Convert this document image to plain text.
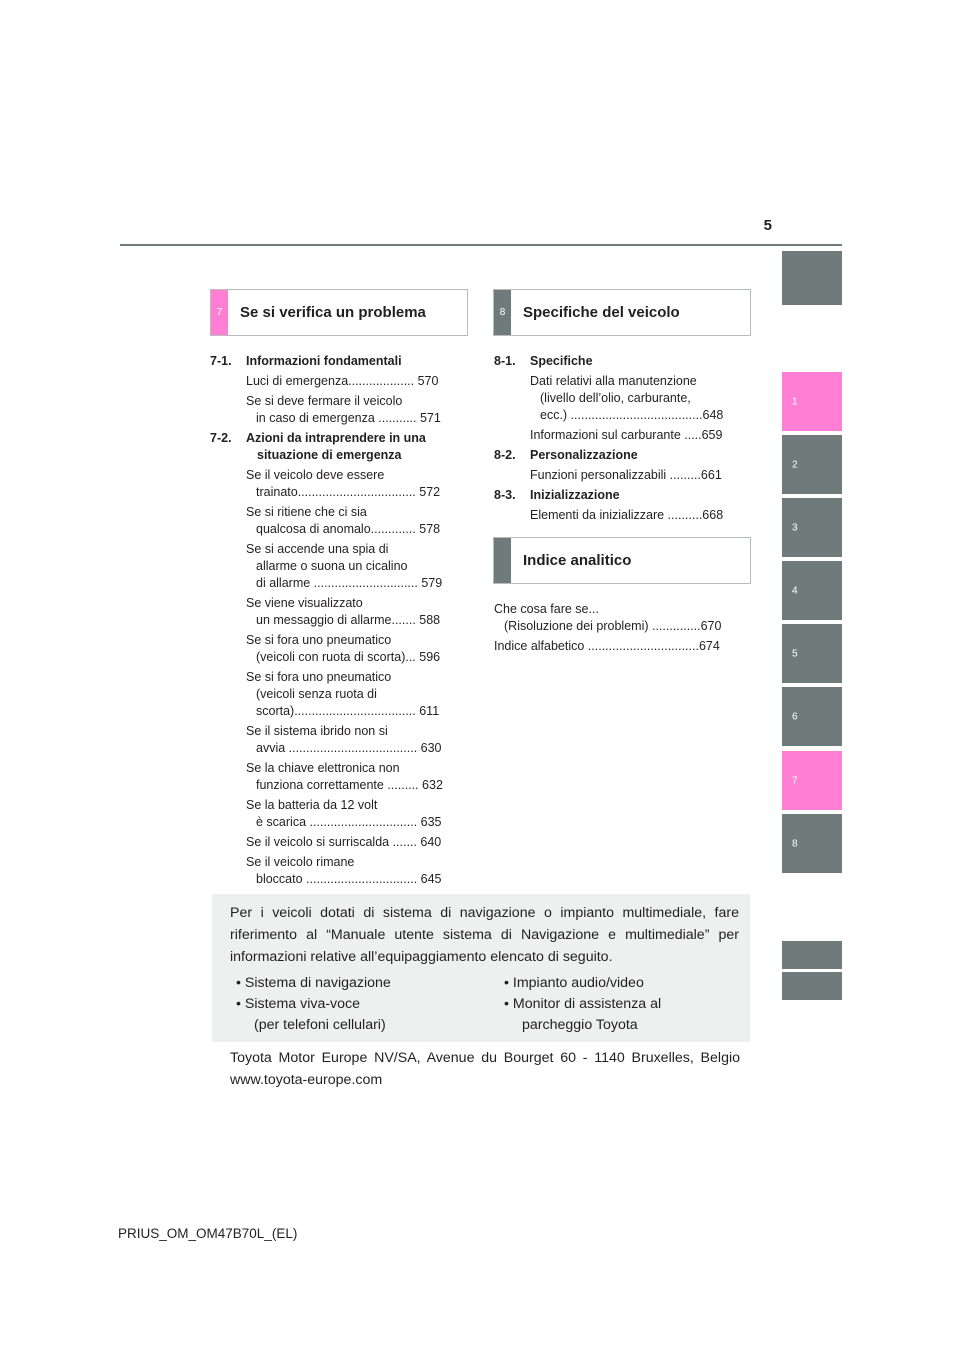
5
1
2
3
4
5
6
7
8
7	Se si verifica un problema	8	Specifiche del veicolo
Indice analitico
7-1.	Informazioni fondamentali
Luci di emergenza................... 570
Se si deve fermare il veicolo
in caso di emergenza ........... 571
7-2.	Azioni da intraprendere in una
situazione di emergenza
Se il veicolo deve essere
trainato.................................. 572
Se si ritiene che ci sia
qualcosa di anomalo............. 578
Se si accende una spia di
allarme o suona un cicalino
di allarme .............................. 579
Se viene visualizzato
un messaggio di allarme....... 588
Se si fora uno pneumatico
(veicoli con ruota di scorta)... 596
Se si fora uno pneumatico
(veicoli senza ruota di
scorta)................................... 611
Se il sistema ibrido non si
avvia ..................................... 630
Se la chiave elettronica non
funziona correttamente ......... 632
Se la batteria da 12 volt
è scarica ............................... 635
Se il veicolo si surriscalda ....... 640
Se il veicolo rimane
bloccato ................................ 645
8-1.	Specifiche
Dati relativi alla manutenzione
(livello dell’olio, carburante,
ecc.) ......................................648
Informazioni sul carburante .....659
8-2.	Personalizzazione
Funzioni personalizzabili .........661
8-3.	Inizializzazione
Elementi da inizializzare ..........668
Che cosa fare se...
(Risoluzione dei problemi) ..............670
Indice alfabetico ................................674

Per i veicoli dotati di sistema di navigazione o impianto multimediale, fare riferimento al “Manuale utente sistema di Navigazione e multimediale” per informazioni relative all’equipaggiamento elencato di seguito.

• Sistema di navigazione
• Sistema viva-voce
(per telefoni cellulari)
• Impianto audio/video
• Monitor di assistenza al
parcheggio Toyota

Toyota Motor Europe NV/SA, Avenue du Bourget 60 - 1140 Bruxelles, Belgio www.toyota-europe.com

PRIUS_OM_OM47B70L_(EL)
